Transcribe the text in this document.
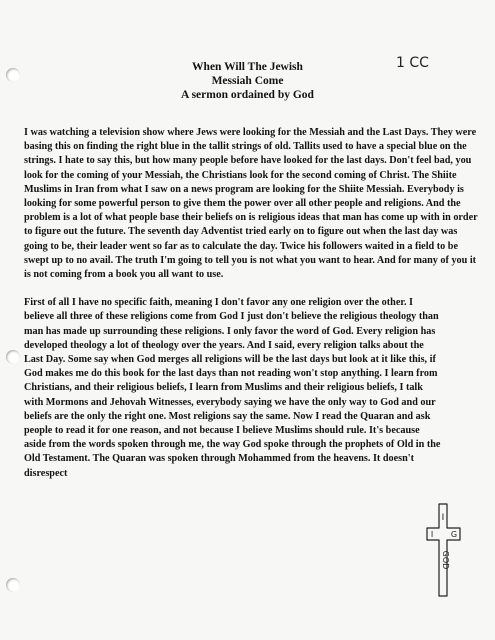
When Will The Jewish
Messiah Come
A sermon ordained by God
1 CC

I was watching a television show where Jews were looking for the Messiah and the Last Days. They were basing this on finding the right blue in the tallit strings of old. Tallits used to have a special blue on the strings. I hate to say this, but how many people before have looked for the last days. Don't feel bad, you look for the coming of your Messiah, the Christians look for the second coming of Christ. The Shiite Muslims in Iran from what I saw on a news program are looking for the Shiite Messiah. Everybody is looking for some powerful person to give them the power over all other people and religions. And the problem is a lot of what people base their beliefs on is religious ideas that man has come up with in order to figure out the future. The seventh day Adventist tried early on to figure out when the last day was going to be, their leader went so far as to calculate the day. Twice his followers waited in a field to be swept up to no avail. The truth I'm going to tell you is not what you want to hear. And for many of you it is not coming from a book you all want to use.

First of all I have no specific faith, meaning I don't favor any one religion over the other. I believe all three of these religions come from God I just don't believe the religious theology than man has made up surrounding these religions. I only favor the word of God. Every religion has developed theology a lot of theology over the years. And I said, every religion talks about the Last Day. Some say when God merges all religions will be the last days but look at it like this, if God makes me do this book for the last days than not reading won't stop anything. I learn from Christians, and their religious beliefs, I learn from Muslims and their religious beliefs, I talk with Mormons and Jehovah Witnesses, everybody saying we have the only way to God and our beliefs are the only the right one. Most religions say the same. Now I read the Quaran and ask people to read it for one reason, and not because I believe Muslims should rule. It's because aside from the words spoken through me, the way God spoke through the prophets of Old in the Old Testament. The Quaran was spoken through Mohammed from the heavens. It doesn't disrespect

I
I G
GOD
